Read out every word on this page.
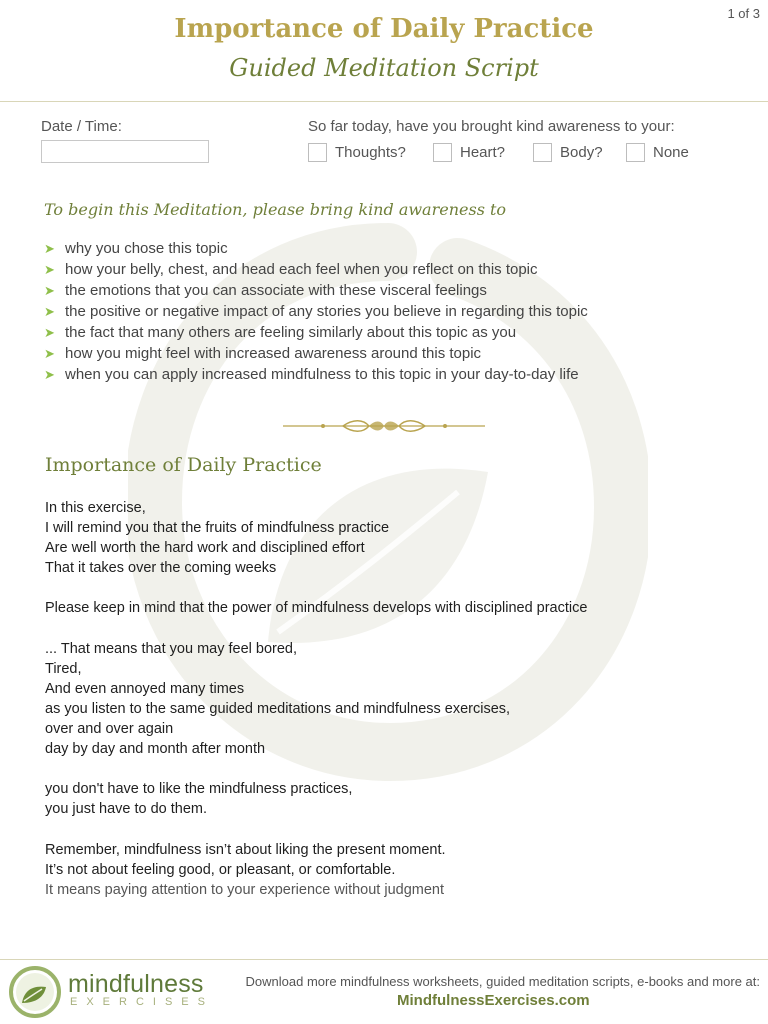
1 of 3
Importance of Daily Practice
Guided Meditation Script
Date / Time:	So far today, have you brought kind awareness to your:
Thoughts?	Heart?	Body?	None
To begin this Meditation, please bring kind awareness to
➤ why you chose this topic
➤ how your belly, chest, and head each feel when you reflect on this topic
➤ the emotions that you can associate with these visceral feelings
➤ the positive or negative impact of any stories you believe in regarding this topic
➤ the fact that many others are feeling similarly about this topic as you
➤ how you might feel with increased awareness around this topic
➤ when you can apply increased mindfulness to this topic in your day-to-day life
Importance of Daily Practice
In this exercise,
I will remind you that the fruits of mindfulness practice
Are well worth the hard work and disciplined effort
That it takes over the coming weeks
Please keep in mind that the power of mindfulness develops with disciplined practice
... That means that you may feel bored,
Tired,
And even annoyed many times
as you listen to the same guided meditations and mindfulness exercises,
over and over again
day by day and month after month
you don't have to like the mindfulness practices,
you just have to do them.
Remember, mindfulness isn’t about liking the present moment.
It’s not about feeling good, or pleasant, or comfortable.
It means paying attention to your experience without judgment
mindfulness
EXERCISES
Download more mindfulness worksheets, guided meditation scripts, e-books and more at:
MindfulnessExercises.com
